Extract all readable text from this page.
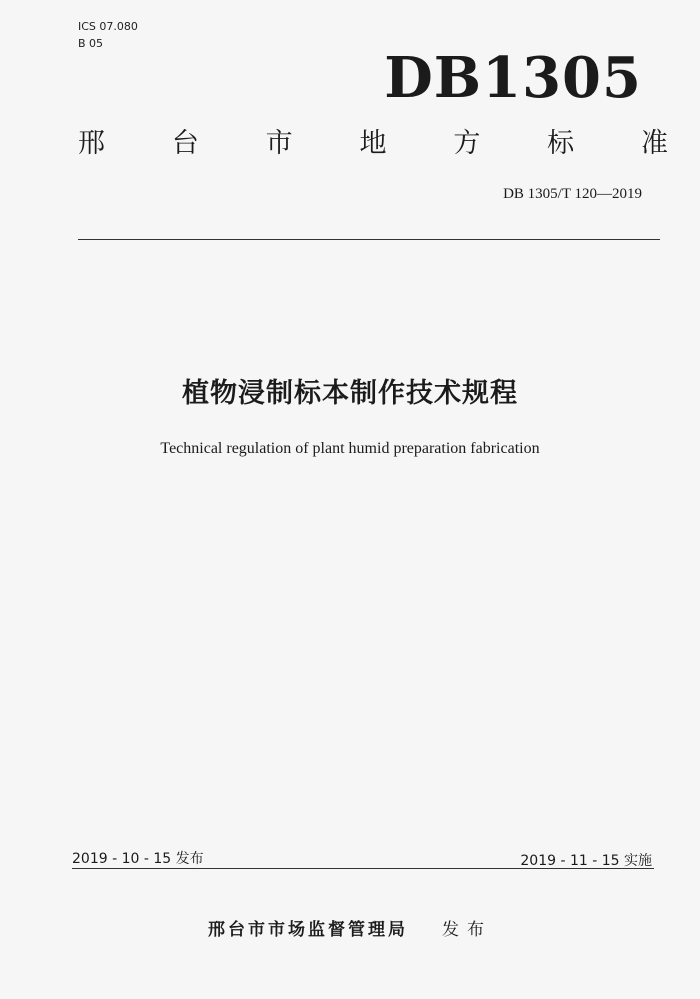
ICS 07.080
B 05
DB1305
邢 台 市 地 方 标 准
DB 1305/T 120—2019
植物浸制标本制作技术规程
Technical regulation of plant humid preparation fabrication
2019 - 10 - 15 发布	2019 - 11 - 15 实施
邢台市市场监督管理局 发布
